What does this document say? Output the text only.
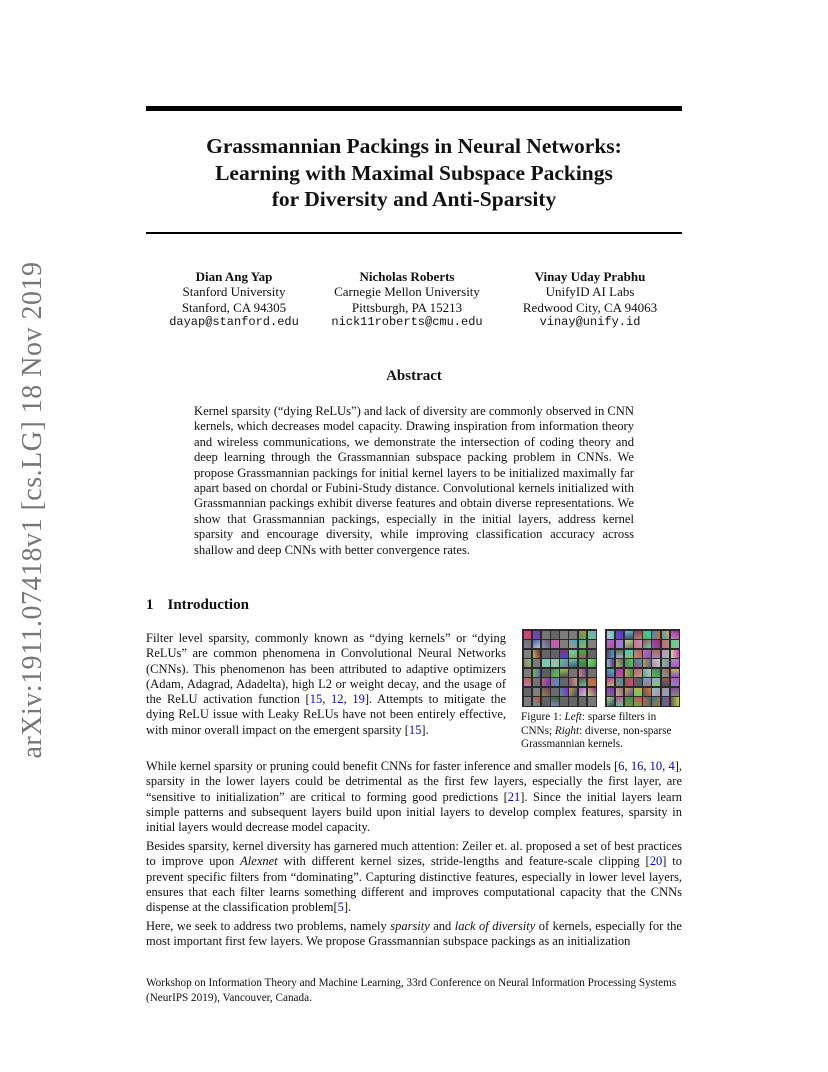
arXiv:1911.07418v1 [cs.LG] 18 Nov 2019
Grassmannian Packings in Neural Networks:
Learning with Maximal Subspace Packings
for Diversity and Anti-Sparsity
Dian Ang Yap
Stanford University
Stanford, CA 94305
dayap@stanford.edu
Nicholas Roberts
Carnegie Mellon University
Pittsburgh, PA 15213
nick11roberts@cmu.edu
Vinay Uday Prabhu
UnifyID AI Labs
Redwood City, CA 94063
vinay@unify.id
Abstract
Kernel sparsity (“dying ReLUs”) and lack of diversity are commonly observed in CNN kernels, which decreases model capacity. Drawing inspiration from information theory and wireless communications, we demonstrate the intersection of coding theory and deep learning through the Grassmannian subspace packing problem in CNNs. We propose Grassmannian packings for initial kernel layers to be initialized maximally far apart based on chordal or Fubini-Study distance. Convolutional kernels initialized with Grassmannian packings exhibit diverse features and obtain diverse representations. We show that Grassmannian packings, especially in the initial layers, address kernel sparsity and encourage diversity, while improving classification accuracy across shallow and deep CNNs with better convergence rates.
1 Introduction
Filter level sparsity, commonly known as “dying kernels” or “dying ReLUs” are common phenomena in Convolutional Neural Networks (CNNs). This phenomenon has been attributed to adaptive optimizers (Adam, Adagrad, Adadelta), high L2 or weight decay, and the usage of the ReLU activation function [15, 12, 19]. Attempts to mitigate the dying ReLU issue with Leaky ReLUs have not been entirely effective, with minor overall impact on the emergent sparsity [15].
Figure 1: Left: sparse filters in CNNs; Right: diverse, non-sparse Grassmannian kernels.
While kernel sparsity or pruning could benefit CNNs for faster inference and smaller models [6, 16, 10, 4], sparsity in the lower layers could be detrimental as the first few layers, especially the first layer, are “sensitive to initialization” are critical to forming good predictions [21]. Since the initial layers learn simple patterns and subsequent layers build upon initial layers to develop complex features, sparsity in initial layers would decrease model capacity.
Besides sparsity, kernel diversity has garnered much attention: Zeiler et. al. proposed a set of best practices to improve upon Alexnet with different kernel sizes, stride-lengths and feature-scale clipping [20] to prevent specific filters from “dominating”. Capturing distinctive features, especially in lower level layers, ensures that each filter learns something different and improves computational capacity that the CNNs dispense at the classification problem[5].
Here, we seek to address two problems, namely sparsity and lack of diversity of kernels, especially for the most important first few layers. We propose Grassmannian subspace packings as an initialization
Workshop on Information Theory and Machine Learning, 33rd Conference on Neural Information Processing Systems (NeurIPS 2019), Vancouver, Canada.
